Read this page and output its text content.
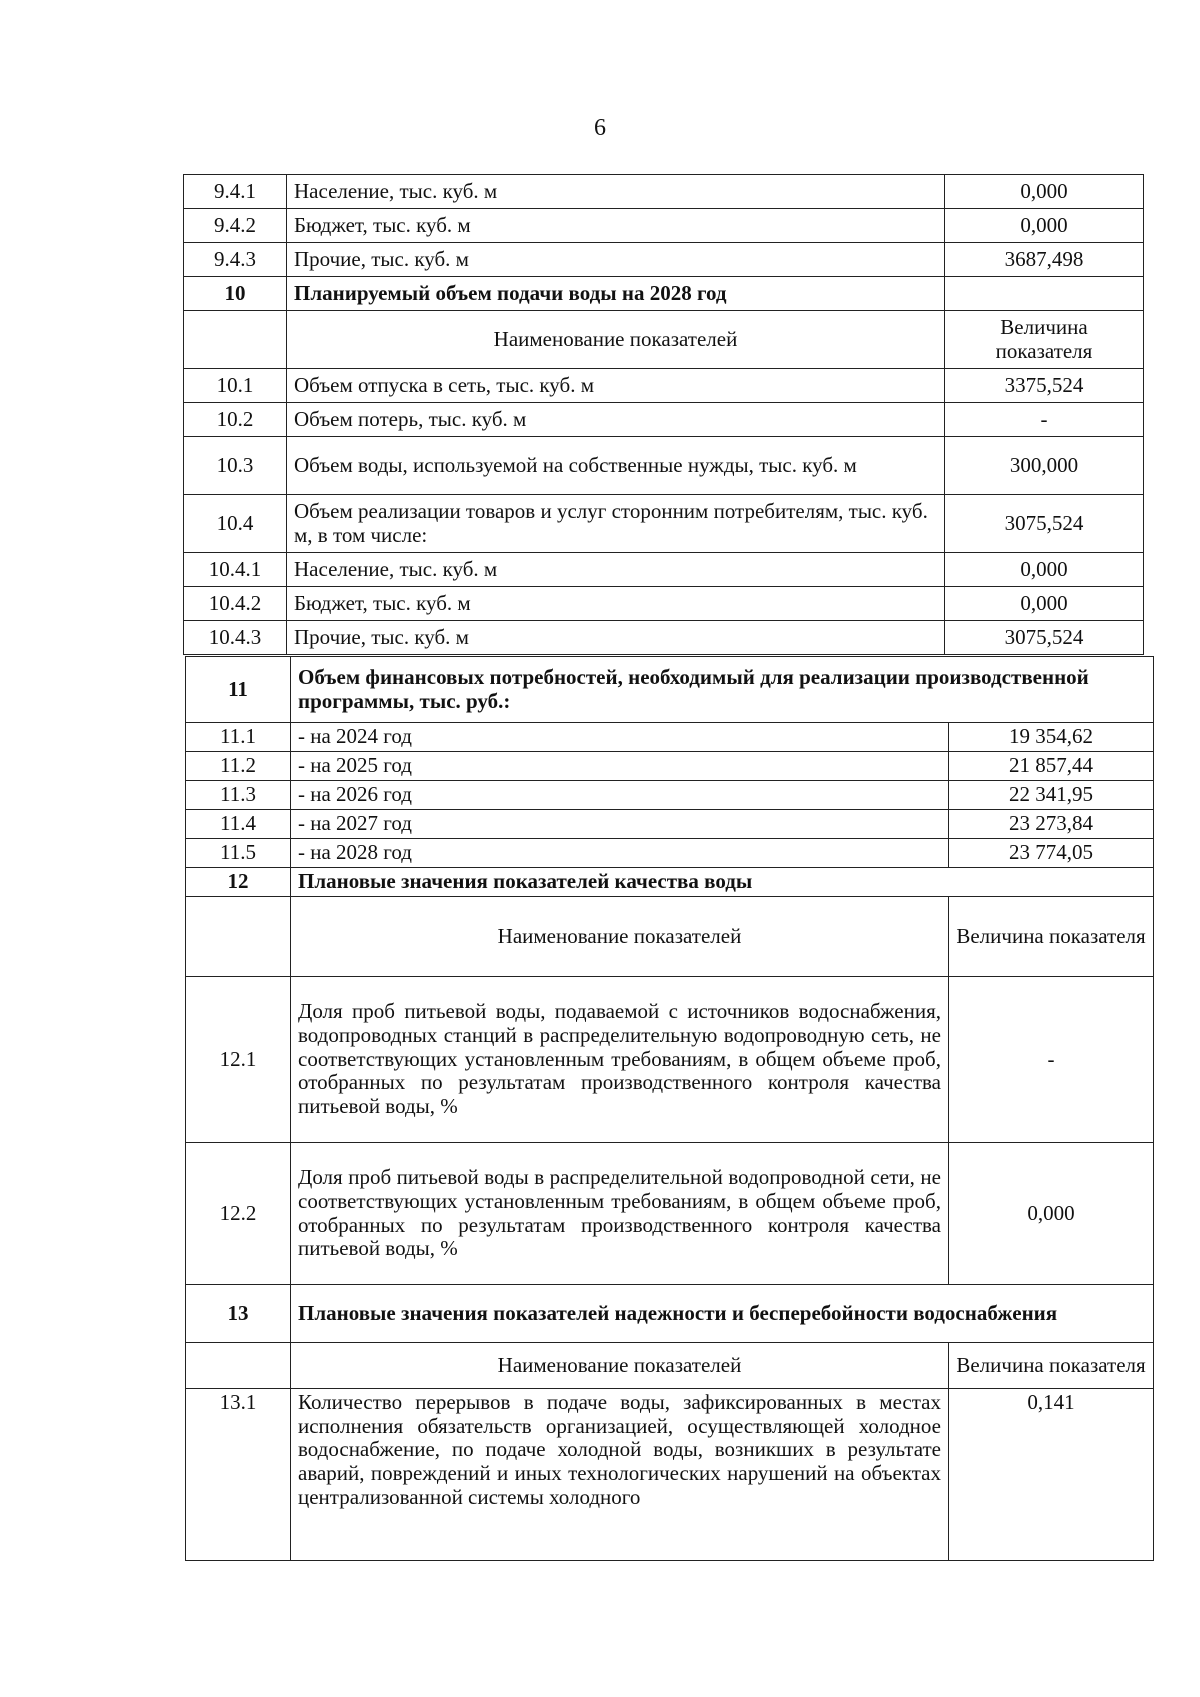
6
9.4.1	Население, тыс. куб. м	0,000
9.4.2	Бюджет, тыс. куб. м	0,000
9.4.3	Прочие, тыс. куб. м	3687,498
10	Планируемый объем подачи воды на 2028 год	
	Наименование показателей	Величина показателя
10.1	Объем отпуска в сеть, тыс. куб. м	3375,524
10.2	Объем потерь, тыс. куб. м	-
10.3	Объем воды, используемой на собственные нужды, тыс. куб. м	300,000
10.4	Объем реализации товаров и услуг сторонним потребителям, тыс. куб. м, в том числе:	3075,524
10.4.1	Население, тыс. куб. м	0,000
10.4.2	Бюджет, тыс. куб. м	0,000
10.4.3	Прочие, тыс. куб. м	3075,524
11	Объем финансовых потребностей, необходимый для реализации производственной программы, тыс. руб.:	
11.1	- на 2024 год	19 354,62
11.2	- на 2025 год	21 857,44
11.3	- на 2026 год	22 341,95
11.4	- на 2027 год	23 273,84
11.5	- на 2028 год	23 774,05
12	Плановые значения показателей качества воды	
	Наименование показателей	Величина показателя
12.1	Доля проб питьевой воды, подаваемой с источников водоснабжения, водопроводных станций в распределительную водопроводную сеть, не соответствующих установленным требованиям, в общем объеме проб, отобранных по результатам производственного контроля качества питьевой воды, %	-
12.2	Доля проб питьевой воды в распределительной водопроводной сети, не соответствующих установленным требованиям, в общем объеме проб, отобранных по результатам производственного контроля качества питьевой воды, %	0,000
13	Плановые значения показателей надежности и бесперебойности водоснабжения	
	Наименование показателей	Величина показателя
13.1	Количество перерывов в подаче воды, зафиксированных в местах исполнения обязательств организацией, осуществляющей холодное водоснабжение, по подаче холодной воды, возникших в результате аварий, повреждений и иных технологических нарушений на объектах централизованной системы холодного	0,141
